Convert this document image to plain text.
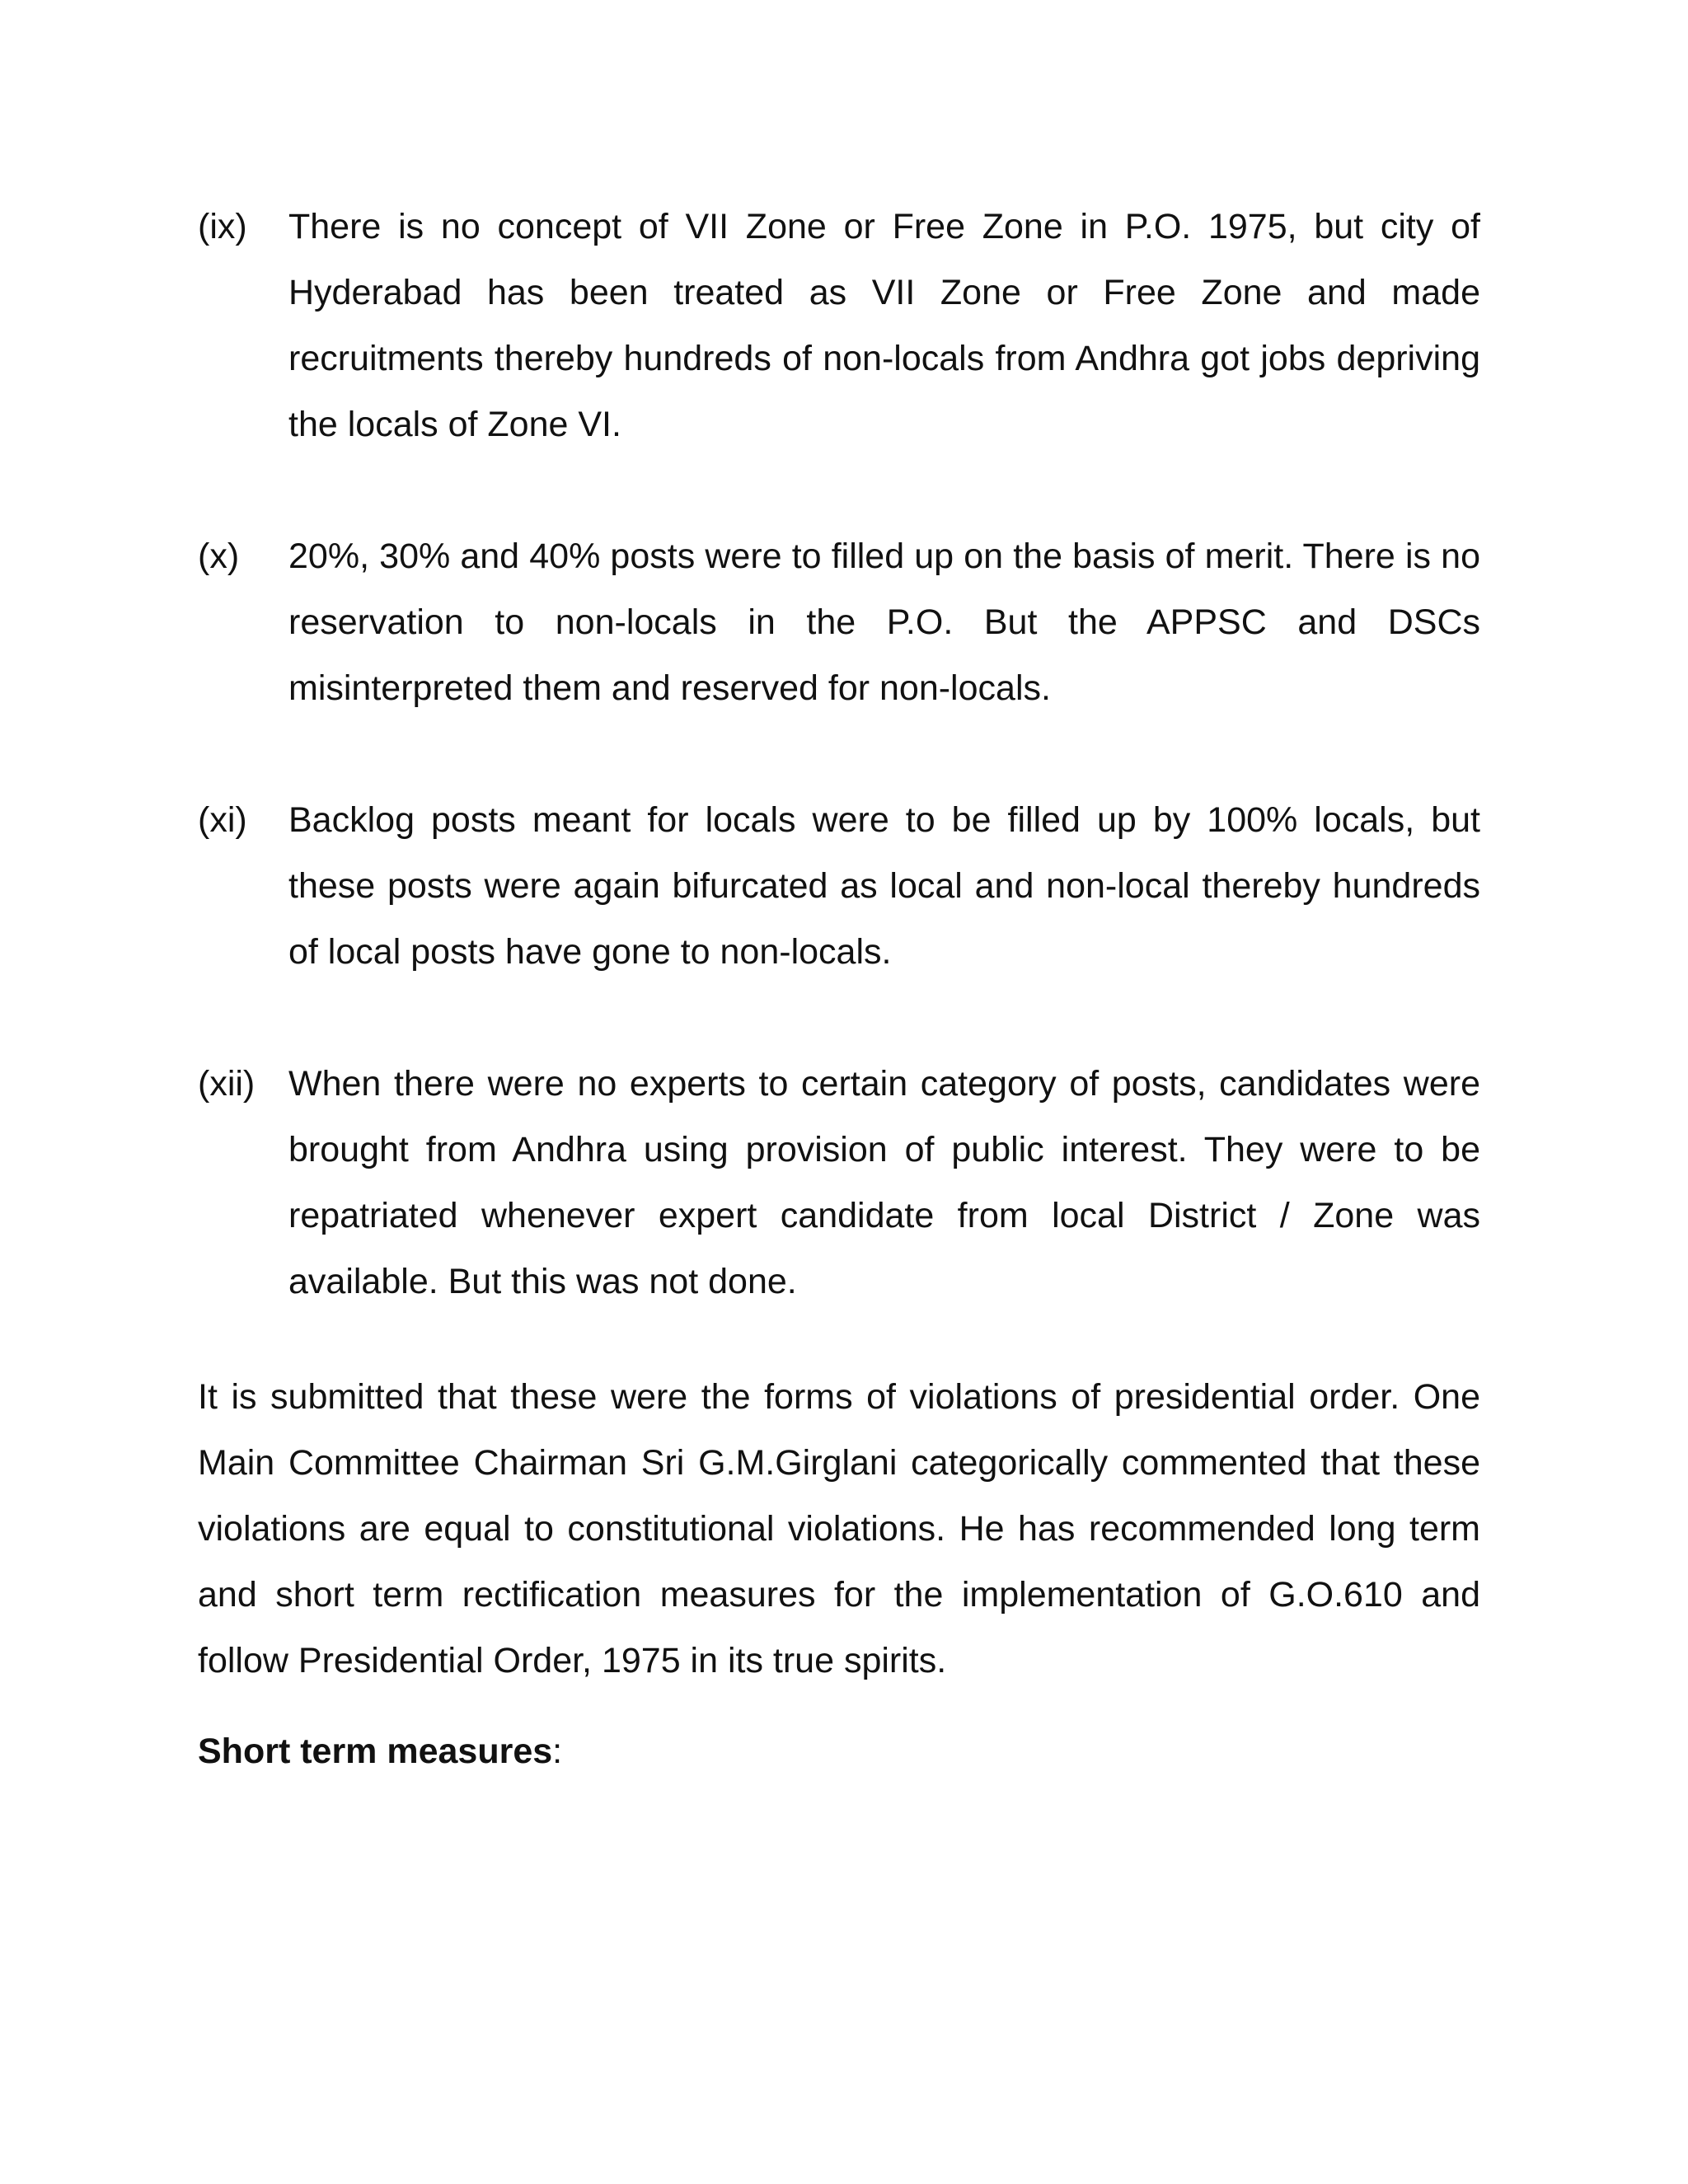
(ix)	There is no concept of VII Zone or Free Zone in P.O. 1975, but city of Hyderabad has been treated as VII Zone or Free Zone and made recruitments thereby hundreds of non-locals from Andhra got jobs depriving the locals of Zone VI.
(x)	20%, 30% and 40% posts were to filled up on the basis of merit. There is no reservation to non-locals in the P.O. But the APPSC and DSCs misinterpreted them and reserved for non-locals.
(xi)	Backlog posts meant for locals were to be filled up by 100% locals, but these posts were again bifurcated as local and non-local thereby hundreds of local posts have gone to non-locals.
(xii) When there were no experts to certain category of posts, candidates were brought from Andhra using provision of public interest. They were to be repatriated whenever expert candidate from local District / Zone was available. But this was not done.
It is submitted that these were the forms of violations of presidential order. One Main Committee Chairman Sri G.M.Girglani categorically commented that these violations are equal to constitutional violations. He has recommended long term and short term rectification measures for the implementation of G.O.610 and follow Presidential Order, 1975 in its true spirits.
Short term measures:
